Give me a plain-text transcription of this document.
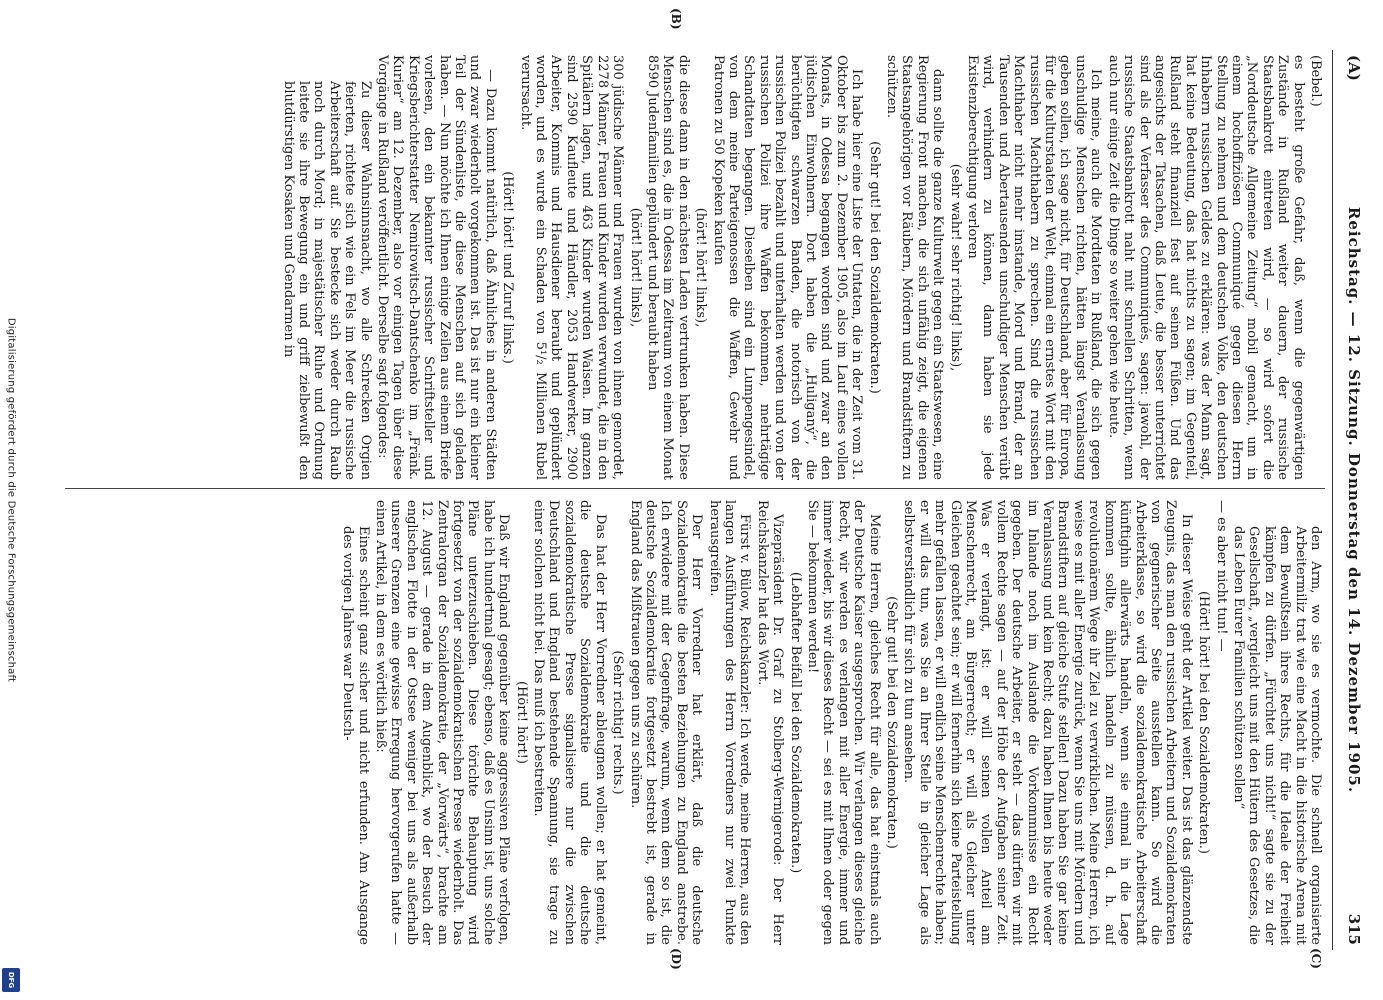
Digitalisierung gefördert durch die Deutsche Forschungsgemeinschaft
DFG
(A)
Reichstag. — 12. Sitzung. Donnerstag den 14. Dezember 1905.
315
(B)
(C)
(D)

(Bebel.)

es besteht große Gefahr, daß, wenn die gegenwärtigen Zustände in Rußland weiter dauern, der russische Staatsbankrott eintreten wird, — so wird sofort die „Norddeutsche Allgemeine Zeitung“ mobil gemacht, um in einem hochoffiziösen Communiqué gegen diesen Herrn Stellung zu nehmen und dem deutschen Volke, den deutschen Inhabern russischen Geldes zu erklären: was der Mann sagt, hat keine Bedeutung, das hat nichts zu sagen; im Gegenteil, Rußland steht finanziell fest auf seinen Füßen. Und das angesichts der Tatsachen, daß Leute, die besser unterrichtet sind als der Verfasser des Communiqués, sagen: jawohl, der russische Staatsbankrott naht mit schnellen Schritten, wenn auch nur einige Zeit die Dinge so weiter gehen wie heute.

Ich meine, auch die Mordtaten in Rußland, die sich gegen unschuldige Menschen richten, hätten längst Veranlassung geben sollen, ich sage nicht, für Deutschland, aber für Europa, für die Kulturstaaten der Welt, einmal ein ernstes Wort mit den russischen Machthabern zu sprechen. Sind die russischen Machthaber nicht mehr imstande, Mord und Brand, der an Tausenden und Abertausenden unschuldiger Menschen verübt wird, verhindern zu können, dann haben sie jede Existenzberechtigung verloren

(sehr wahr! sehr richtig! links),

dann sollte die ganze Kulturwelt gegen ein Staatswesen, eine Regierung Front machen, die sich unfähig zeigt, die eigenen Staatsangehörigen vor Räubern, Mördern und Brandstiftern zu schützen.

(Sehr gut! bei den Sozialdemokraten.)

Ich habe hier eine Liste der Untaten, die in der Zeit vom 31. Oktober bis zum 2. Dezember 1905, also im Lauf eines vollen Monats, in Odessa begangen worden sind und zwar an den jüdischen Einwohnern. Dort haben die „Huliganý“, die berüchtigten schwarzen Banden, die notorisch von der russischen Polizei bezahlt und unterhalten werden und von der russischen Polizei ihre Waffen bekommen, mehrtägige Schandtaten begangen. Dieselben sind ein Lumpengesindel, von dem meine Parteigenossen die Waffen, Gewehr und Patronen zu 50 Kopeken kaufen

(hört! hört! links),

die diese dann in den nächsten Laden vertrunken haben. Diese Menschen sind es, die in Odessa im Zeitraum von einem Monat 8590 Judenfamilien geplündert und beraubt haben

(hört! hört! links),

300 jüdische Männer und Frauen wurden von ihnen gemordet, 2278 Männer, Frauen und Kinder wurden verwundet, die in den Spitälern lagen, und 463 Kinder wurden Waisen. Im ganzen sind 2590 Kaufleute und Händler, 2053 Handwerker, 2900 Arbeiter, Kommis und Hausdiener beraubt und geplündert worden, und es wurde ein Schaden von 5¹/₂ Millionen Rubel verursacht.

(Hört! hört! und Zuruf links.)

— Dazu kommt natürlich, daß Ähnliches in anderen Städten und zwar wiederholt vorgekommen ist. Das ist nur ein kleiner Teil der Sündenliste, die diese Menschen auf sich geladen haben. — Nun möchte ich Ihnen einige Zeilen aus einem Briefe vorlesen, den ein bekannter russischer Schriftsteller und Kriegsberichterstatter Nemirowitsch-Dantschenko im „Fränk. Kurier“ am 12. Dezember, also vor einigen Tagen über diese Vorgänge in Rußland veröffentlicht. Derselbe sagt folgendes:

Zu dieser Wahnsinnsnacht, wo alle Schrecken Orgien feierten, richtete sich wie ein Fels im Meer die russische Arbeiterschaft auf. Sie bestecke sich weder durch Raub noch durch Mord; in majestätischer Ruhe und Ordnung leitete sie ihre Bewegung ein und griff zielbewußt den blutdürstigen Kosaken und Gendarmen in

den Arm, wo sie es vermochte. Die schnell organisierte Arbeitermiliz trat wie eine Macht in die historische Arena mit dem Bewußtsein ihres Rechts, für die Ideale der Freiheit kämpfen zu dürfen. „Fürchtet uns nicht!“ sagte sie zu der Gesellschaft, „vergleicht uns mit den Hütern des Gesetzes, die das Leben Eurer Familien schützen sollen“

— es aber nicht tun! —

(Hört! hört! bei den Sozialdemokraten.)

In dieser Weise geht der Artikel weiter. Das ist das glänzendste Zeugnis, das man den russischen Arbeitern und Sozialdemokraten von gegnerischer Seite ausstellen kann. So wird die Arbeiterklasse, so wird die sozialdemokratische Arbeiterschaft künftighin allerwärts handeln, wenn sie einmal in die Lage kommen sollte, ähnlich handeln zu müssen, d. h. auf revolutionärem Wege ihr Ziel zu verwirklichen. Meine Herren, ich weise es mit aller Energie zurück, wenn Sie uns mit Mördern und Brandstiftern auf gleiche Stufe stellen! Dazu haben Sie gar keine Veranlassung und kein Recht; dazu haben Ihnen bis heute weder im Inlande noch im Auslande die Vorkommnisse ein Recht gegeben. Der deutsche Arbeiter, er steht — das dürfen wir mit vollem Rechte sagen — auf der Höhe der Aufgaben seiner Zeit. Was er verlangt, ist: er will seinen vollen Anteil am Menschenrecht, am Bürgerrecht; er will als Gleicher unter Gleichen geachtet sein; er will fernerhin sich keine Parteistellung mehr gefallen lassen, er will endlich seine Menschenrechte haben; er will das tun, was Sie an Ihrer Stelle in gleicher Lage als selbstverständlich für sich zu tun ansehen.

(Sehr gut! bei den Sozialdemokraten.)

Meine Herren, gleiches Recht für alle, das hat einstmals auch der Deutsche Kaiser ausgesprochen. Wir verlangen dieses gleiche Recht, wir werden es verlangen mit aller Energie, immer und immer wieder, bis wir dieses Recht — sei es mit Ihnen oder gegen Sie — bekommen werden!

(Lebhafter Beifall bei den Sozialdemokraten.)

Vizepräsident Dr. Graf zu Stolberg-Wernigerode: Der Herr Reichskanzler hat das Wort.

Fürst v. Bülow, Reichskanzler: Ich werde, meine Herren, aus den langen Ausführungen des Herrn Vorredners nur zwei Punkte herausgreifen.

Der Herr Vorredner hat erklärt, daß die deutsche Sozialdemokratie die besten Beziehungen zu England anstrebe. Ich erwidere mit der Gegenfrage, warum, wenn dem so ist, die deutsche Sozialdemokratie fortgesetzt bestrebt ist, gerade in England das Mißtrauen gegen uns zu schüren.

(Sehr richtig! rechts.)

Das hat der Herr Vorredner ableugnen wollen; er hat gemeint, die deutsche Sozialdemokratie und die deutsche sozialdemokratische Presse signalisiere nur die zwischen Deutschland und England bestehende Spannung, sie trage zu einer solchen nicht bei. Das muß ich bestreiten.

(Hört! hört!)

Daß wir England gegenüber keine aggressiven Pläne verfolgen, habe ich hundertmal gesagt; ebenso, daß es Unsinn ist, uns solche Pläne unterzuschieben. Diese törichte Behauptung wird fortgesetzt von der sozialdemokratischen Presse wiederholt. Das Zentralorgan der Sozialdemokratie, der „Vorwärts“, brachte am 12. August — gerade in dem Augenblick, wo der Besuch der englischen Flotte in der Ostsee weniger bei uns als außerhalb unserer Grenzen eine gewisse Erregung hervorgerufen hatte — einen Artikel, in dem es wörtlich hieß:

Eines scheint ganz sicher und nicht erfunden. Am Ausgange des vorigen Jahres war Deutsch-
